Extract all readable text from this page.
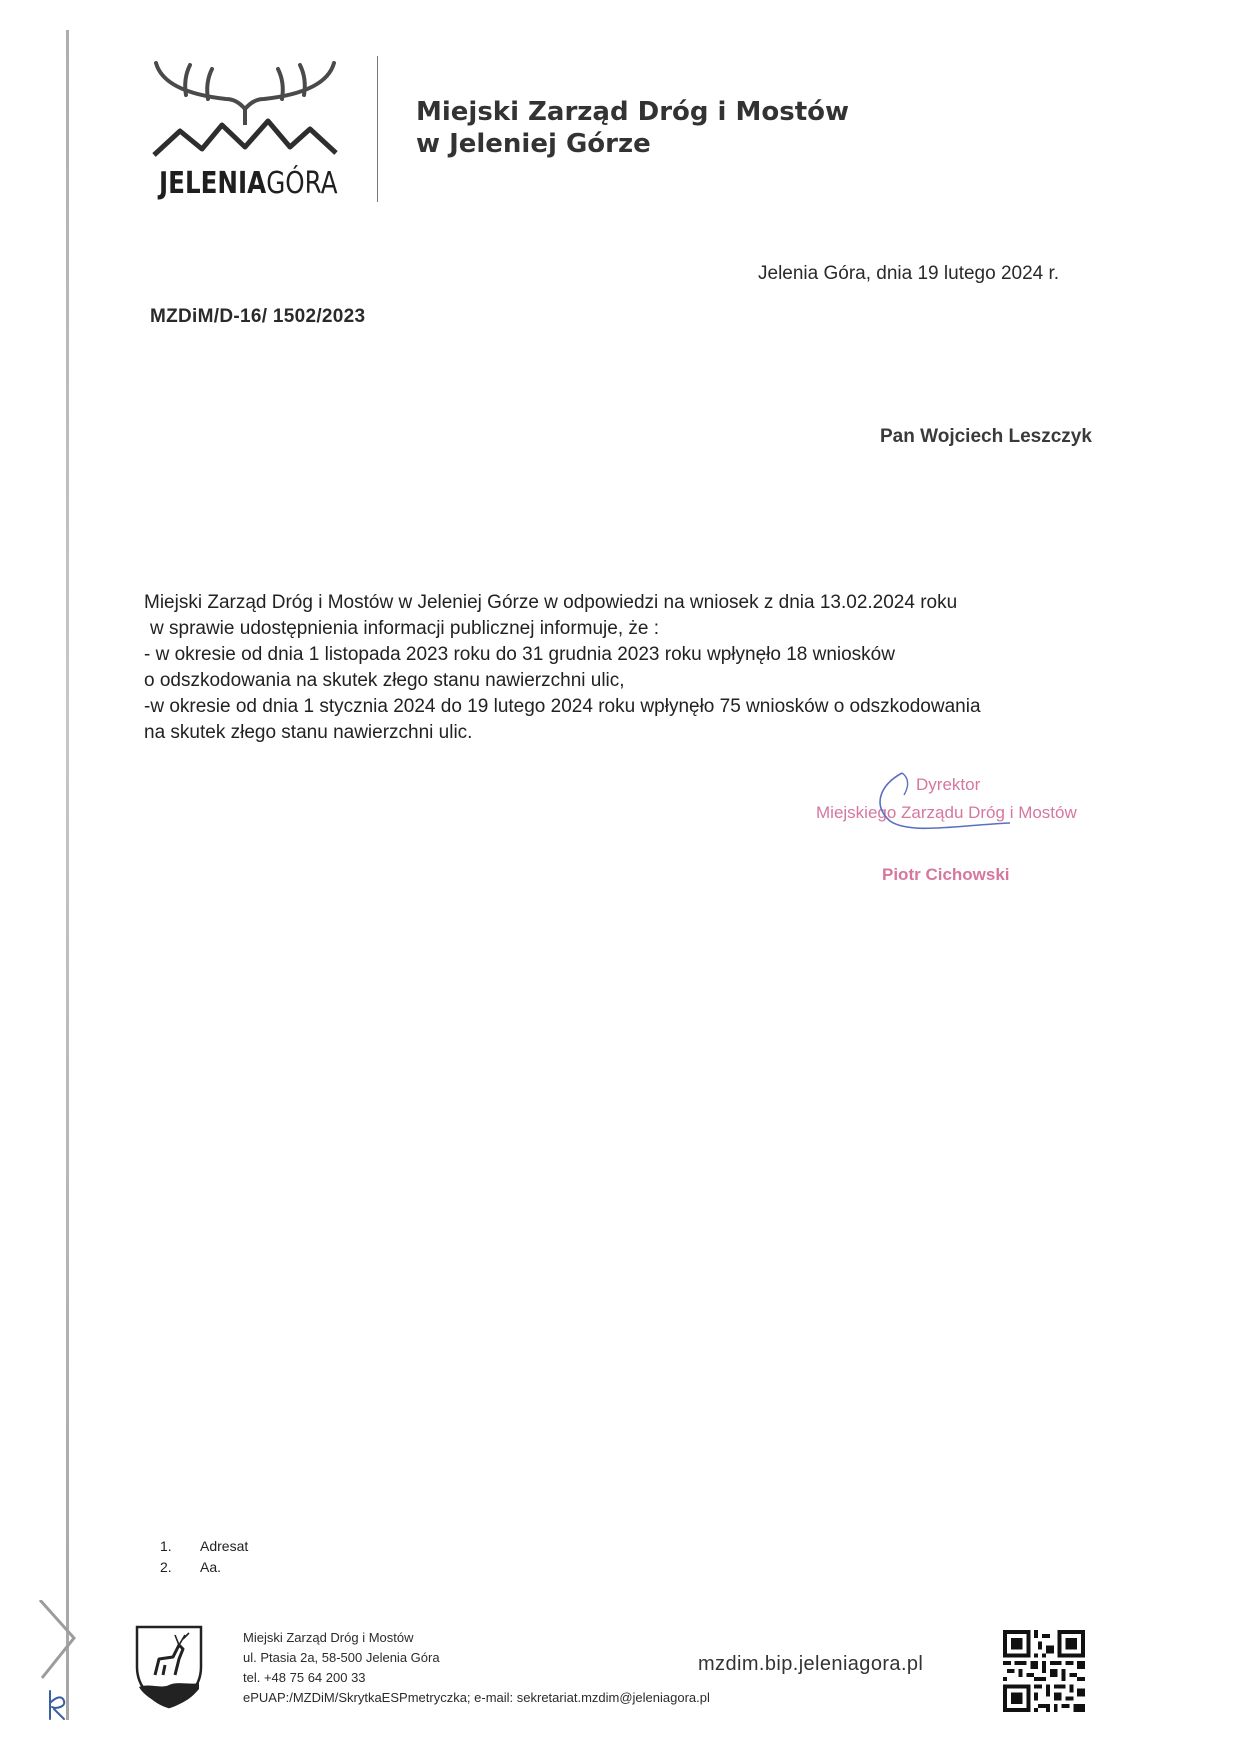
JELENIAGÓRA
Miejski Zarząd Dróg i Mostów
w Jeleniej Górze
Jelenia Góra, dnia 19 lutego 2024 r.
MZDiM/D-16/ 1502/2023
Pan Wojciech Leszczyk
Miejski Zarząd Dróg i Mostów w Jeleniej Górze w odpowiedzi na wniosek z dnia 13.02.2024 roku
w sprawie udostępnienia informacji publicznej informuje, że :
- w okresie od dnia 1 listopada 2023 roku do 31 grudnia 2023 roku wpłynęło 18 wniosków
o odszkodowania na skutek złego stanu nawierzchni ulic,
-w okresie od dnia 1 stycznia 2024 do 19 lutego 2024 roku wpłynęło 75 wniosków o odszkodowania
na skutek złego stanu nawierzchni ulic.
Dyrektor
Miejskiego Zarządu Dróg i Mostów
Piotr Cichowski
1. Adresat
2. Aa.
Miejski Zarząd Dróg i Mostów
ul. Ptasia 2a, 58-500 Jelenia Góra
tel. +48 75 64 200 33
ePUAP:/MZDiM/SkrytkaESPmetryczka; e-mail: sekretariat.mzdim@jeleniagora.pl
mzdim.bip.jeleniagora.pl
